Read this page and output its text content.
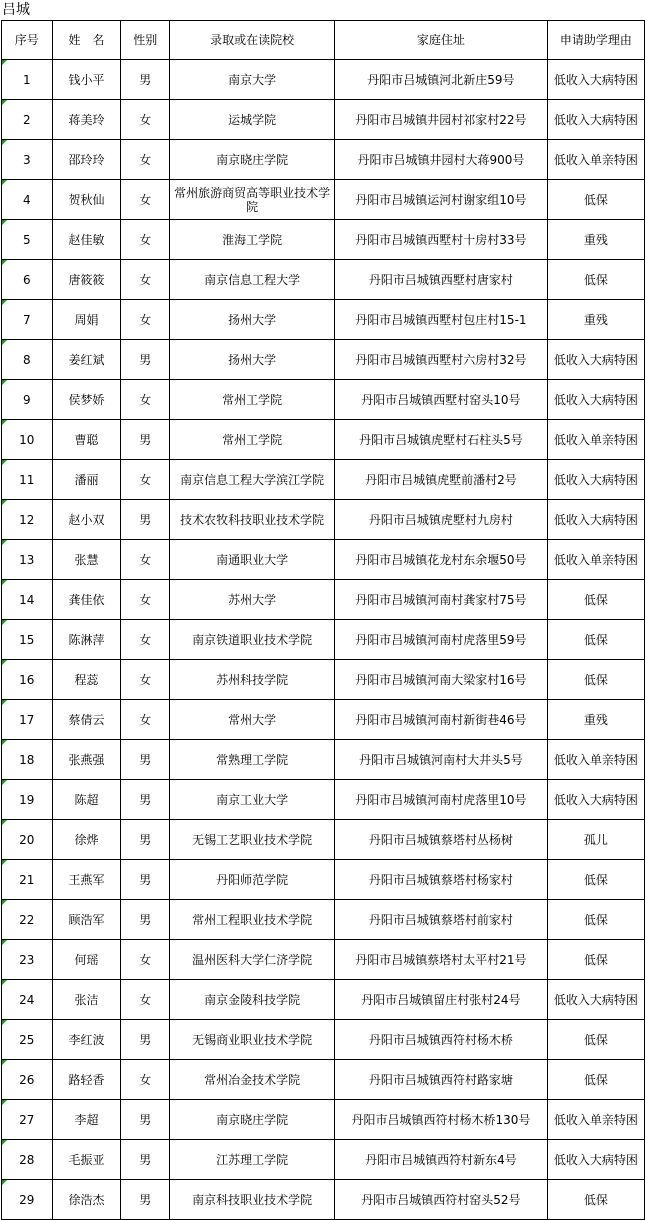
吕城
序号	姓　名	性别	录取或在读院校	家庭住址	申请助学理由

1	钱小平	男	南京大学	丹阳市吕城镇河北新庄59号	低收入大病特困

2	蒋美玲	女	运城学院	丹阳市吕城镇井园村祁家村22号	低收入大病特困

3	邵玲玲	女	南京晓庄学院	丹阳市吕城镇井园村大蒋900号	低收入单亲特困

4	贺秋仙	女	常州旅游商贸高等职业技术学院	丹阳市吕城镇运河村谢家组10号	低保

5	赵佳敏	女	淮海工学院	丹阳市吕城镇西墅村十房村33号	重残

6	唐筱筱	女	南京信息工程大学	丹阳市吕城镇西墅村唐家村	低保

7	周娟	女	扬州大学	丹阳市吕城镇西墅村包庄村15-1	重残

8	姜红斌	男	扬州大学	丹阳市吕城镇西墅村六房村32号	低收入大病特困

9	侯梦娇	女	常州工学院	丹阳市吕城镇西墅村窑头10号	低收入大病特困

10	曹聪	男	常州工学院	丹阳市吕城镇虎墅村石柱头5号	低收入单亲特困

11	潘丽	女	南京信息工程大学滨江学院	丹阳市吕城镇虎墅前潘村2号	低收入大病特困

12	赵小双	男	技术农牧科技职业技术学院	丹阳市吕城镇虎墅村九房村	低收入大病特困

13	张慧	女	南通职业大学	丹阳市吕城镇花龙村东余堰50号	低收入单亲特困

14	龚佳依	女	苏州大学	丹阳市吕城镇河南村龚家村75号	低保

15	陈淋萍	女	南京铁道职业技术学院	丹阳市吕城镇河南村虎落里59号	低保

16	程蕊	女	苏州科技学院	丹阳市吕城镇河南大梁家村16号	低保

17	蔡倩云	女	常州大学	丹阳市吕城镇河南村新街巷46号	重残

18	张燕强	男	常熟理工学院	丹阳市吕城镇河南村大井头5号	低收入单亲特困

19	陈超	男	南京工业大学	丹阳市吕城镇河南村虎落里10号	低收入大病特困

20	徐烨	男	无锡工艺职业技术学院	丹阳市吕城镇蔡塔村丛杨树	孤儿

21	王燕军	男	丹阳师范学院	丹阳市吕城镇蔡塔村杨家村	低保

22	顾浩军	男	常州工程职业技术学院	丹阳市吕城镇蔡塔村前家村	低保

23	何瑶	女	温州医科大学仁济学院	丹阳市吕城镇蔡塔村太平村21号	低保

24	张洁	女	南京金陵科技学院	丹阳市吕城镇留庄村张村24号	低收入大病特困

25	李红波	男	无锡商业职业技术学院	丹阳市吕城镇西符村杨木桥	低保

26	路轻香	女	常州冶金技术学院	丹阳市吕城镇西符村路家塘	低保

27	李超	男	南京晓庄学院	丹阳市吕城镇西符村杨木桥130号	低收入单亲特困

28	毛振亚	男	江苏理工学院	丹阳市吕城镇西符村新东4号	低收入大病特困

29	徐浩杰	男	南京科技职业技术学院	丹阳市吕城镇西符村窑头52号	低保
